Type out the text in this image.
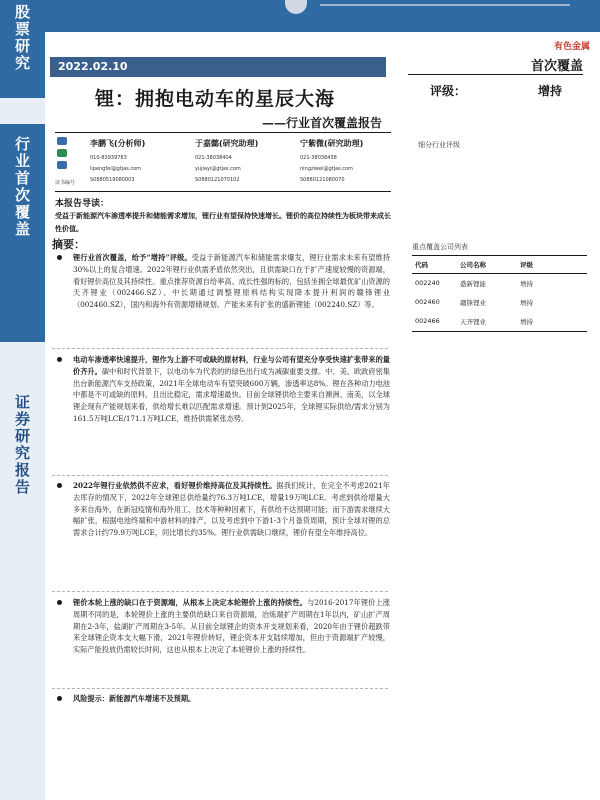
股票研究
行业首次覆盖
证券研究报告
有色金属
2022.02.10	首次覆盖
锂：拥抱电动车的星辰大海
——行业首次覆盖报告
评级：	增持
证书编号
李鹏飞(分析师)
010-83939783
lipengfei@gtjas.com
S0880519080003
于嘉懿(研究助理)
021-38038404
yujiayi@gtjas.com
S0880121070102
宁紫微(研究助理)
021-38038438
ningziwei@gtjas.com
S0880121080070
本报告导读：
受益于新能源汽车渗透率提升和储能需求增加，锂行业有望保持快速增长。锂价的高位持续性为板块带来成长性价值。
摘要：
锂行业首次覆盖，给予“增持”评级。受益于新能源汽车和储能需求爆发，锂行业需求未来有望维持30%以上的复合增速。2022年锂行业供需矛盾依然突出，且供需缺口在于扩产速度较慢的资源端，看好锂价高位及其持续性。重点推荐资源自给率高、成长性强的标的，包括坐拥全球最优矿山资源的天齐锂业（002466.SZ）、中长期通过调整锂原料结构实现降本提升利润的赣锋锂业（002460.SZ），国内和海外有资源增储规划、产能未来有扩张的盛新锂能（002240.SZ）等。
电动车渗透率快速提升，锂作为上游不可或缺的原材料，行业与公司有望充分享受快速扩张带来的量价齐升。碳中和时代背景下，以电动车为代表的的绿色出行成为减碳重要支撑。中、美、欧政府密集出台新能源汽车支持政策，2021年全球电动车有望突破600万辆，渗透率达8%。锂在各种动力电池中都是不可或缺的原料，且出比稳定，需求增速最快。目前全球锂供给主要来自澳洲、南美，以全球锂企现有产能规划来看，供给增长难以匹配需求增速。预计到2025年，全球锂实际供给/需求分别为161.5万吨LCE/171.1万吨LCE，维持供需紧张态势。
2022年锂行业依然供不应求，看好锂价维持高位及其持续性。据我们统计，在完全不考虑2021年去库存的情况下，2022年全球锂总供给量约76.3万吨LCE，增量19万吨LCE。考虑到供给增量大多来自海外，在新冠疫情和海外用工、技术等种种因素下，有供给不达预期可能；而下游需求继续大幅扩张，根据电池终端和中游材料的排产，以及考虑到中下游1-3个月备货周期，预计全球对锂的总需求合计约79.9万吨LCE，同比增长约35%。锂行业供需缺口继续，锂价有望全年维持高位。
锂价本轮上涨的缺口在于资源端，从根本上决定本轮锂价上涨的持续性。与2016-2017年锂价上涨周期不同的是，本轮锂价上涨的主要供给缺口来自资源端，冶炼端扩产周期在1年以内，矿山扩产周期在2-3年，盐湖扩产周期在3-5年。从目前全球锂企的资本开支规划来看，2020年由于锂价超跌带来全球锂企资本支大幅下滑，2021年锂价转好，锂企资本开支陆续增加，但由于资源端扩产较慢，实际产能投放仍需较长时间，这也从根本上决定了本轮锂价上涨的持续性。
风险提示：新能源汽车增速不及预期。
细分行业评级
重点覆盖公司列表
代码	公司名称	评级
002240	盛新锂能	增持
002460	赣锋锂业	增持
002466	天齐锂业	增持
